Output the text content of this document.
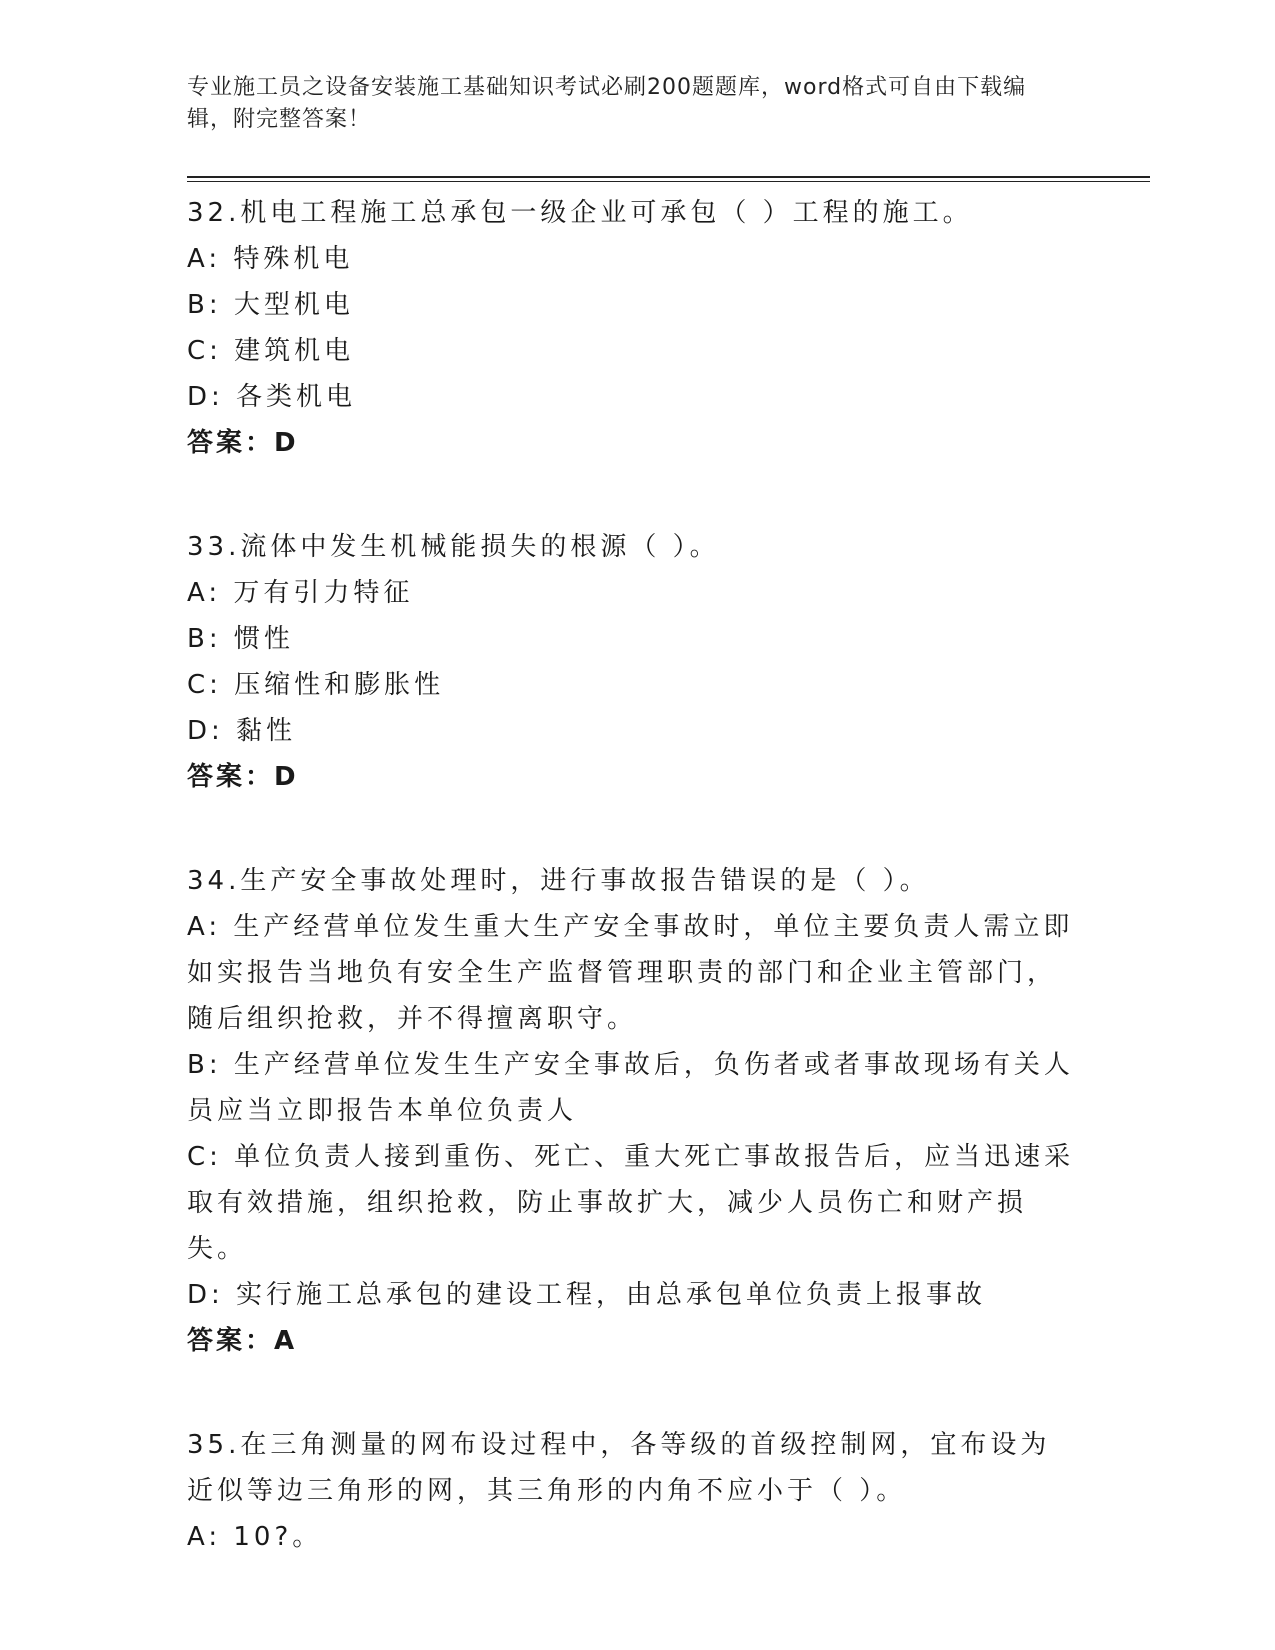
专业施工员之设备安装施工基础知识考试必刷200题题库，word格式可自由下载编辑，附完整答案！
32.机电工程施工总承包一级企业可承包（ ）工程的施工。
A: 特殊机电
B: 大型机电
C: 建筑机电
D: 各类机电
答案：D
33.流体中发生机械能损失的根源（ ）。
A: 万有引力特征
B: 惯性
C: 压缩性和膨胀性
D: 黏性
答案：D
34.生产安全事故处理时，进行事故报告错误的是（ ）。
A: 生产经营单位发生重大生产安全事故时，单位主要负责人需立即如实报告当地负有安全生产监督管理职责的部门和企业主管部门，随后组织抢救，并不得擅离职守。
B: 生产经营单位发生生产安全事故后，负伤者或者事故现场有关人员应当立即报告本单位负责人
C: 单位负责人接到重伤、死亡、重大死亡事故报告后，应当迅速采取有效措施，组织抢救，防止事故扩大，减少人员伤亡和财产损失。
D: 实行施工总承包的建设工程，由总承包单位负责上报事故
答案：A
35.在三角测量的网布设过程中，各等级的首级控制网，宜布设为近似等边三角形的网，其三角形的内角不应小于（ ）。
A: 10?。
